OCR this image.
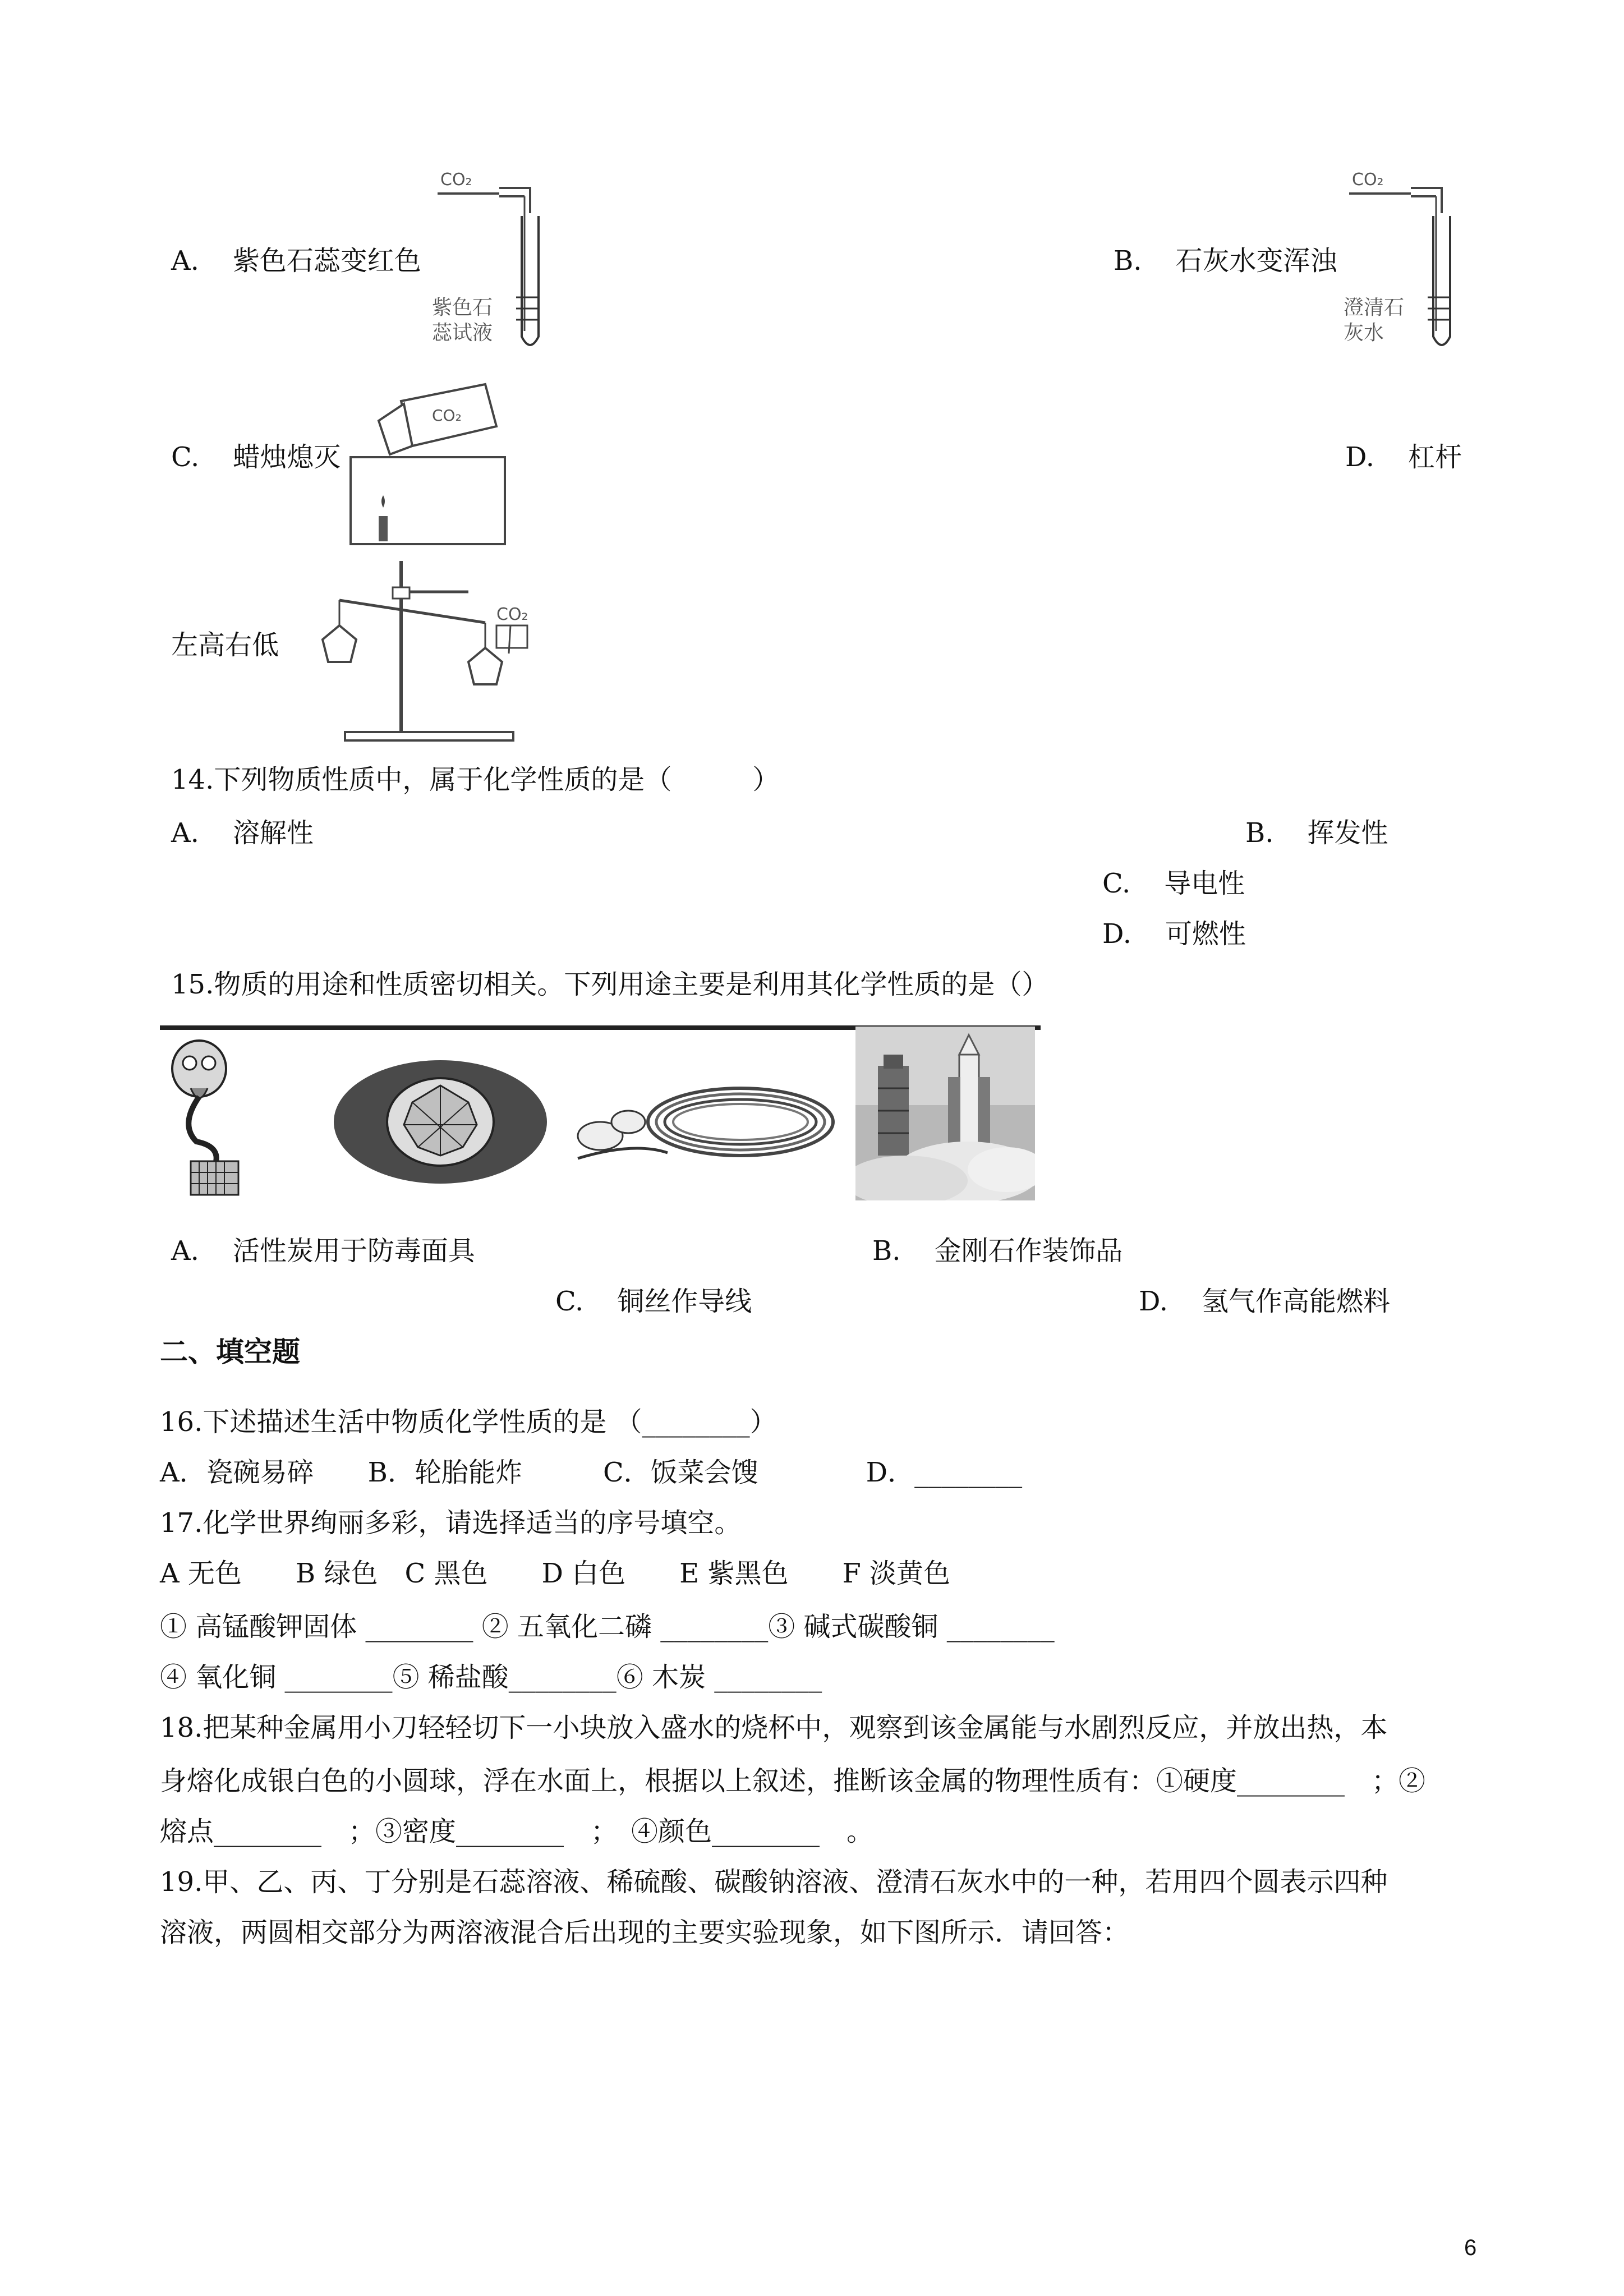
A. 紫色石蕊变红色
CO₂
紫色石
蕊试液
B. 石灰水变浑浊
CO₂
澄清石
灰水
C. 蜡烛熄灭
CO₂
D. 杠杆
左高右低
CO₂
14.下列物质性质中，属于化学性质的是（　　　）
A. 溶解性	B. 挥发性
C. 导电性
D. 可燃性
15.物质的用途和性质密切相关。下列用途主要是利用其化学性质的是（）
A. 活性炭用于防毒面具	B. 金刚石作装饰品
C. 铜丝作导线	D. 氢气作高能燃料
二、填空题
16.下述描述生活中物质化学性质的是 （________）
A．瓷碗易碎　　B．轮胎能炸　　　C．饭菜会馊　　　　D．________
17.化学世界绚丽多彩，请选择适当的序号填空。
A 无色　　B 绿色　C 黑色　　D 白色　　E 紫黑色　　F 淡黄色
① 高锰酸钾固体 ________ ② 五氧化二磷 ________③ 碱式碳酸铜 ________
④ 氧化铜 ________⑤ 稀盐酸________⑥ 木炭 ________
18.把某种金属用小刀轻轻切下一小块放入盛水的烧杯中，观察到该金属能与水剧烈反应，并放出热，本
身熔化成银白色的小圆球，浮在水面上，根据以上叙述，推断该金属的物理性质有：①硬度________　；②
熔点________　；③密度________　；　④颜色________　。
19.甲、乙、丙、丁分别是石蕊溶液、稀硫酸、碳酸钠溶液、澄清石灰水中的一种，若用四个圆表示四种
溶液，两圆相交部分为两溶液混合后出现的主要实验现象，如下图所示．请回答：
6
